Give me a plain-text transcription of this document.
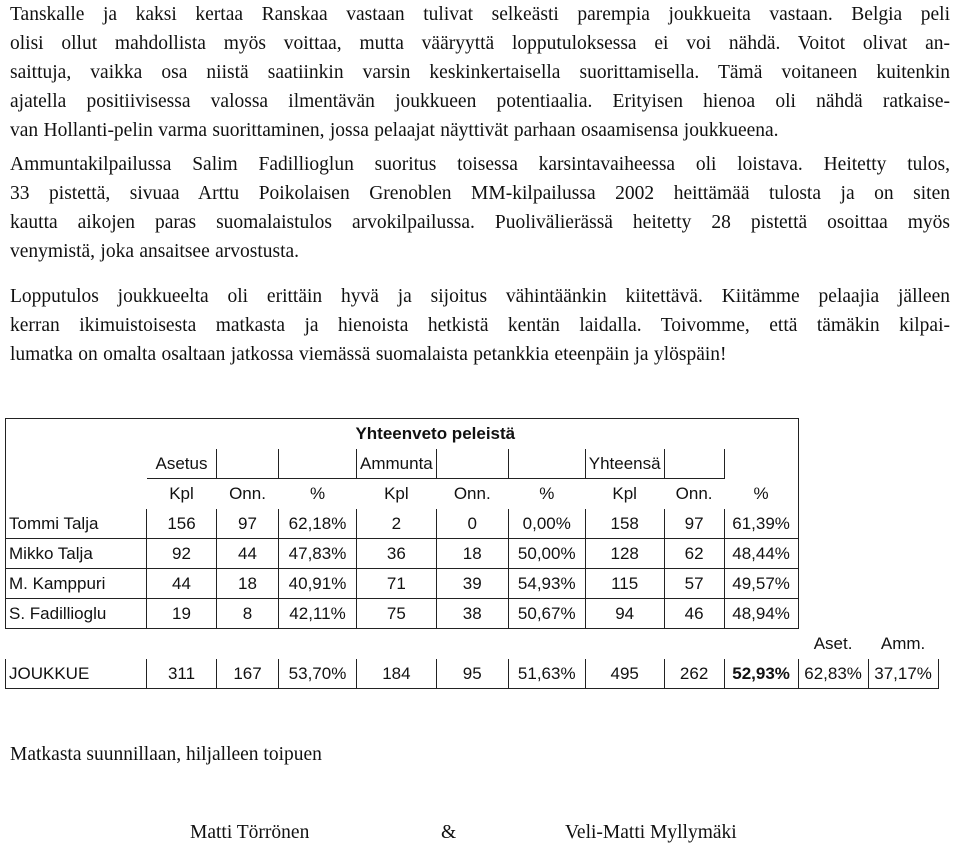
Tanskalle ja kaksi kertaa Ranskaa vastaan tulivat selkeästi parempia joukkueita vastaan. Belgia peli
olisi ollut mahdollista myös voittaa, mutta vääryyttä lopputuloksessa ei voi nähdä. Voitot olivat an-
saittuja, vaikka osa niistä saatiinkin varsin keskinkertaisella suorittamisella. Tämä voitaneen kuitenkin
ajatella positiivisessa valossa ilmentävän joukkueen potentiaalia. Erityisen hienoa oli nähdä ratkaise-
van Hollanti-pelin varma suorittaminen, jossa pelaajat näyttivät parhaan osaamisensa joukkueena.

Ammuntakilpailussa Salim Fadillioglun suoritus toisessa karsintavaiheessa oli loistava. Heitetty tulos,
33 pistettä, sivuaa Arttu Poikolaisen Grenoblen MM-kilpailussa 2002 heittämää tulosta ja on siten
kautta aikojen paras suomalaistulos arvokilpailussa. Puolivälierässä heitetty 28 pistettä osoittaa myös
venymistä, joka ansaitsee arvostusta.

Lopputulos joukkueelta oli erittäin hyvä ja sijoitus vähintäänkin kiitettävä. Kiitämme pelaajia jälleen
kerran ikimuistoisesta matkasta ja hienoista hetkistä kentän laidalla. Toivomme, että tämäkin kilpai-
lumatka on omalta osaltaan jatkossa viemässä suomalaista petankkia eteenpäin ja ylöspäin!

	Yhteenveto peleistä										
	Asetus			Ammunta			Yhteensä				
	Kpl	Onn.	%	Kpl	Onn.	%	Kpl	Onn.	%		
Tommi Talja	156	97	62,18%	2	0	0,00%	158	97	61,39%		
Mikko Talja	92	44	47,83%	36	18	50,00%	128	62	48,44%		
M. Kamppuri	44	18	40,91%	71	39	54,93%	115	57	49,57%		
S. Fadillioglu	19	8	42,11%	75	38	50,67%	94	46	48,94%		
										Aset.	Amm.
JOUKKUE	311	167	53,70%	184	95	51,63%	495	262	52,93%	62,83%	37,17%

Matkasta suunnillaan, hiljalleen toipuen

Matti Törrönen	&	Veli-Matti Myllymäki
